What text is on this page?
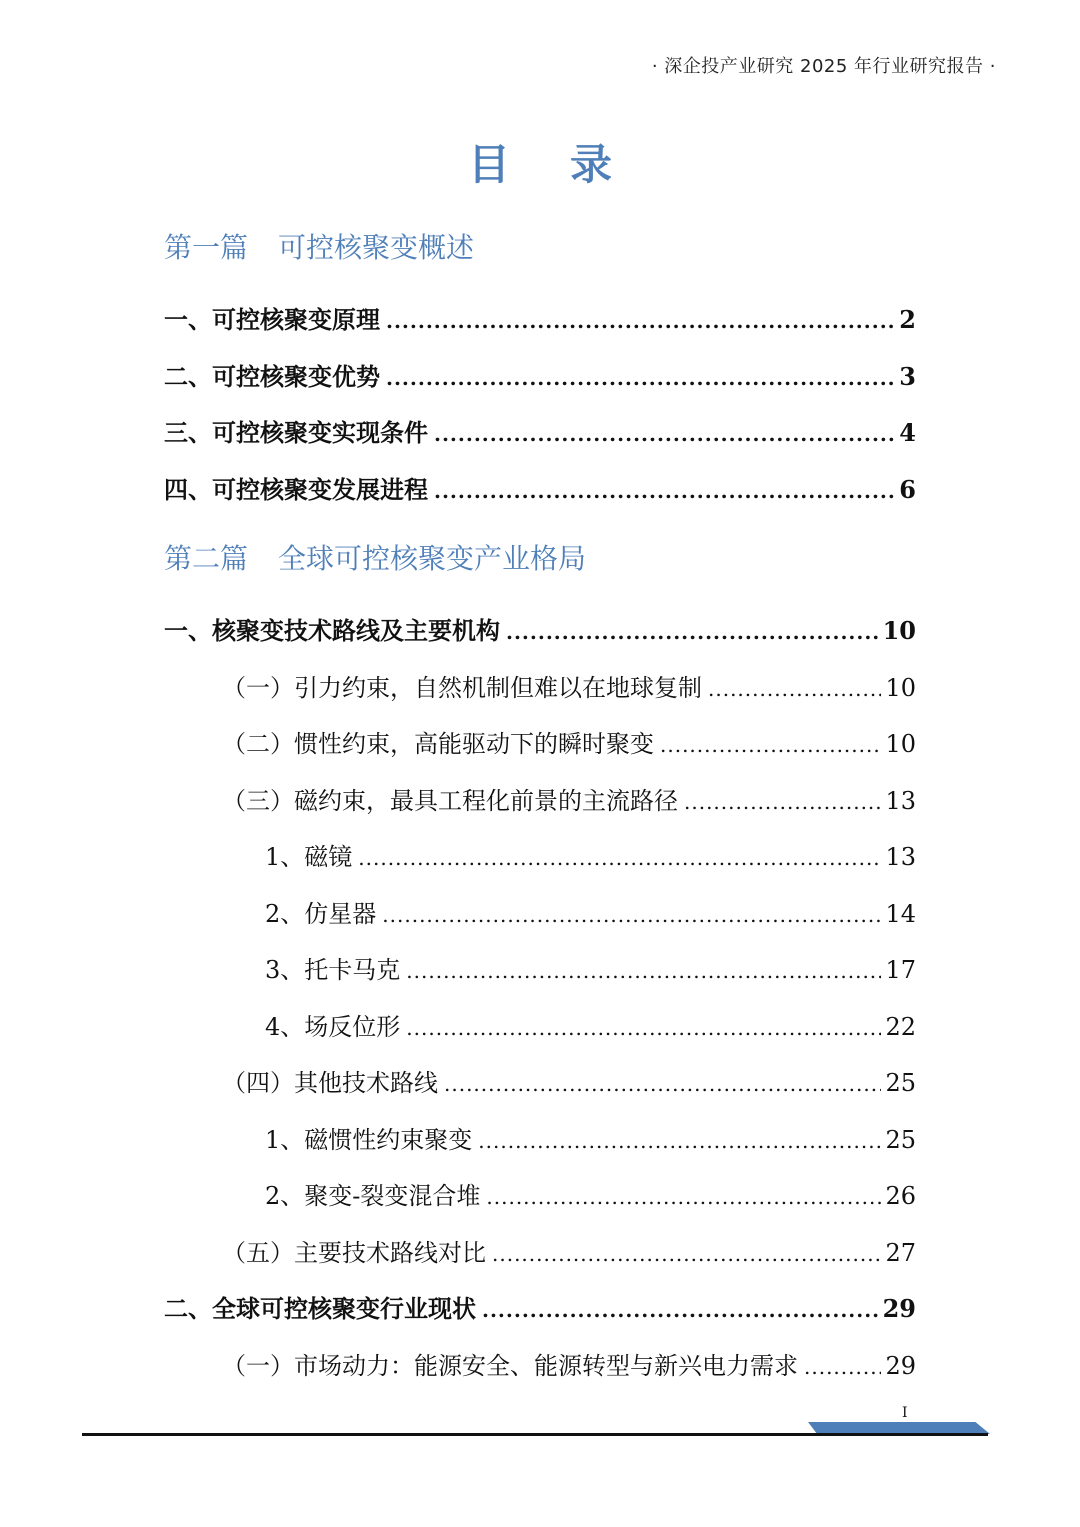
· 深企投产业研究 2025 年行业研究报告 ·
目录
第一篇 可控核聚变概述
一、可控核聚变原理 .....	2
二、可控核聚变优势 .....	3
三、可控核聚变实现条件 .....	4
四、可控核聚变发展进程 .....	6
第二篇 全球可控核聚变产业格局
一、核聚变技术路线及主要机构 .....	10
（一）引力约束，自然机制但难以在地球复制 .....	10
（二）惯性约束，高能驱动下的瞬时聚变 .....	10
（三）磁约束，最具工程化前景的主流路径 .....	13
1、磁镜 .....	13
2、仿星器 .....	14
3、托卡马克 .....	17
4、场反位形 .....	22
（四）其他技术路线 .....	25
1、磁惯性约束聚变 .....	25
2、聚变-裂变混合堆 .....	26
（五）主要技术路线对比 .....	27
二、全球可控核聚变行业现状 .....	29
（一）市场动力：能源安全、能源转型与新兴电力需求 .....	29
I
